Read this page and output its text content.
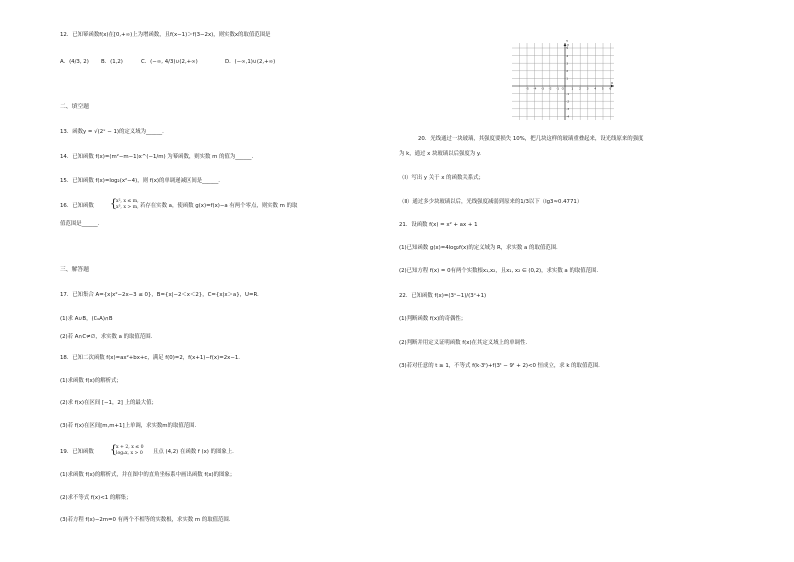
12．已知幂函数f(x)在[0,+∞)上为增函数，且f(x−1)＞f(3−2x)，则实数x的取值范围是
A．(4/3, 2) B．(1,2)	C．(−∞, 4/3)∪(2,+∞)	D．(−∞,1)∪(2,+∞)
二、填空题
13．函数y = √(2ˣ − 1)的定义域为______.
14．已知函数 f(x)=(m²−m−1)x^(−1/m) 为幂函数，则实数 m 的值为______.
15．已知函数 f(x)=log₂(x²−4)，则 f(x)的单调递减区间是______.
16．已知函数 { x², x ≤ m,
x³, x > m, 若存在实数 a，使函数 g(x)=f(x)−a 有两个零点，则实数 m 的取
值范围是______.
三、解答题
17．已知集合 A={x|x²−2x−3 ≤ 0}，B={x|−2＜x＜2}，C={x|x＞a}，U=R.
(1)求 A∪B，(∁ᵤA)∩B
(2)若 A∩C≠∅，求实数 a 的取值范围.
18．已知二次函数 f(x)=ax²+bx+c，满足 f(0)=2，f(x+1)−f(x)=2x−1.
(1)求函数 f(x)的解析式；
(2)求 f(x)在区间 [−1，2] 上的最大值；
(3)若 f(x)在区间[m,m+1]上单调，求实数m的取值范围.
19．已知函数 { x + 2, x ≤ 0
logₐx, x > 0 且点 (4,2) 在函数 f (x) 的图象上.
(1)求函数 f(x)的解析式，并在图中的直角坐标系中画出函数 f(x)的图象；
(2)求不等式 f(x)<1 的解集；
(3)若方程 f(x)−2m=0 有两个不相等的实数根，求实数 m 的取值范围.
-5 -4 -3 -2 -1	1 2 3 4 5 6
6
5
4
3
2
1
-1
-2
-3
-4
x
y
O
20．光线通过一块玻璃，其强度要损失 10%，把几块这样的玻璃重叠起来，设光线原来的强度
为 k，通过 x 块玻璃以后强度为 y.
（Ⅰ）写出 y 关于 x 的函数关系式；
（Ⅱ）通过多少块玻璃以后，光线强度减弱到原来的1/3以下（lg3≈0.4771）
21．设函数 f(x) = x² + ax + 1
(1)已知函数 g(x)=4log₂f(x)的定义域为 R，求实数 a 的取值范围.
(2)已知方程 f(x) = 0有两个实数根x₁,x₂，且x₁, x₂ ∈ (0,2)，求实数 a 的取值范围.
22．已知函数 f(x)=(3ˣ−1)/(3ˣ+1)
(1)判断函数 f(x)的奇偶性；
(2)判断并用定义证明函数 f(x)在其定义域上的单调性.
(3)若对任意的 t ≥ 1，不等式 f(k·3ᵗ)+f(3ᵗ − 9ᵗ + 2)<0 恒成立，求 k 的取值范围.
